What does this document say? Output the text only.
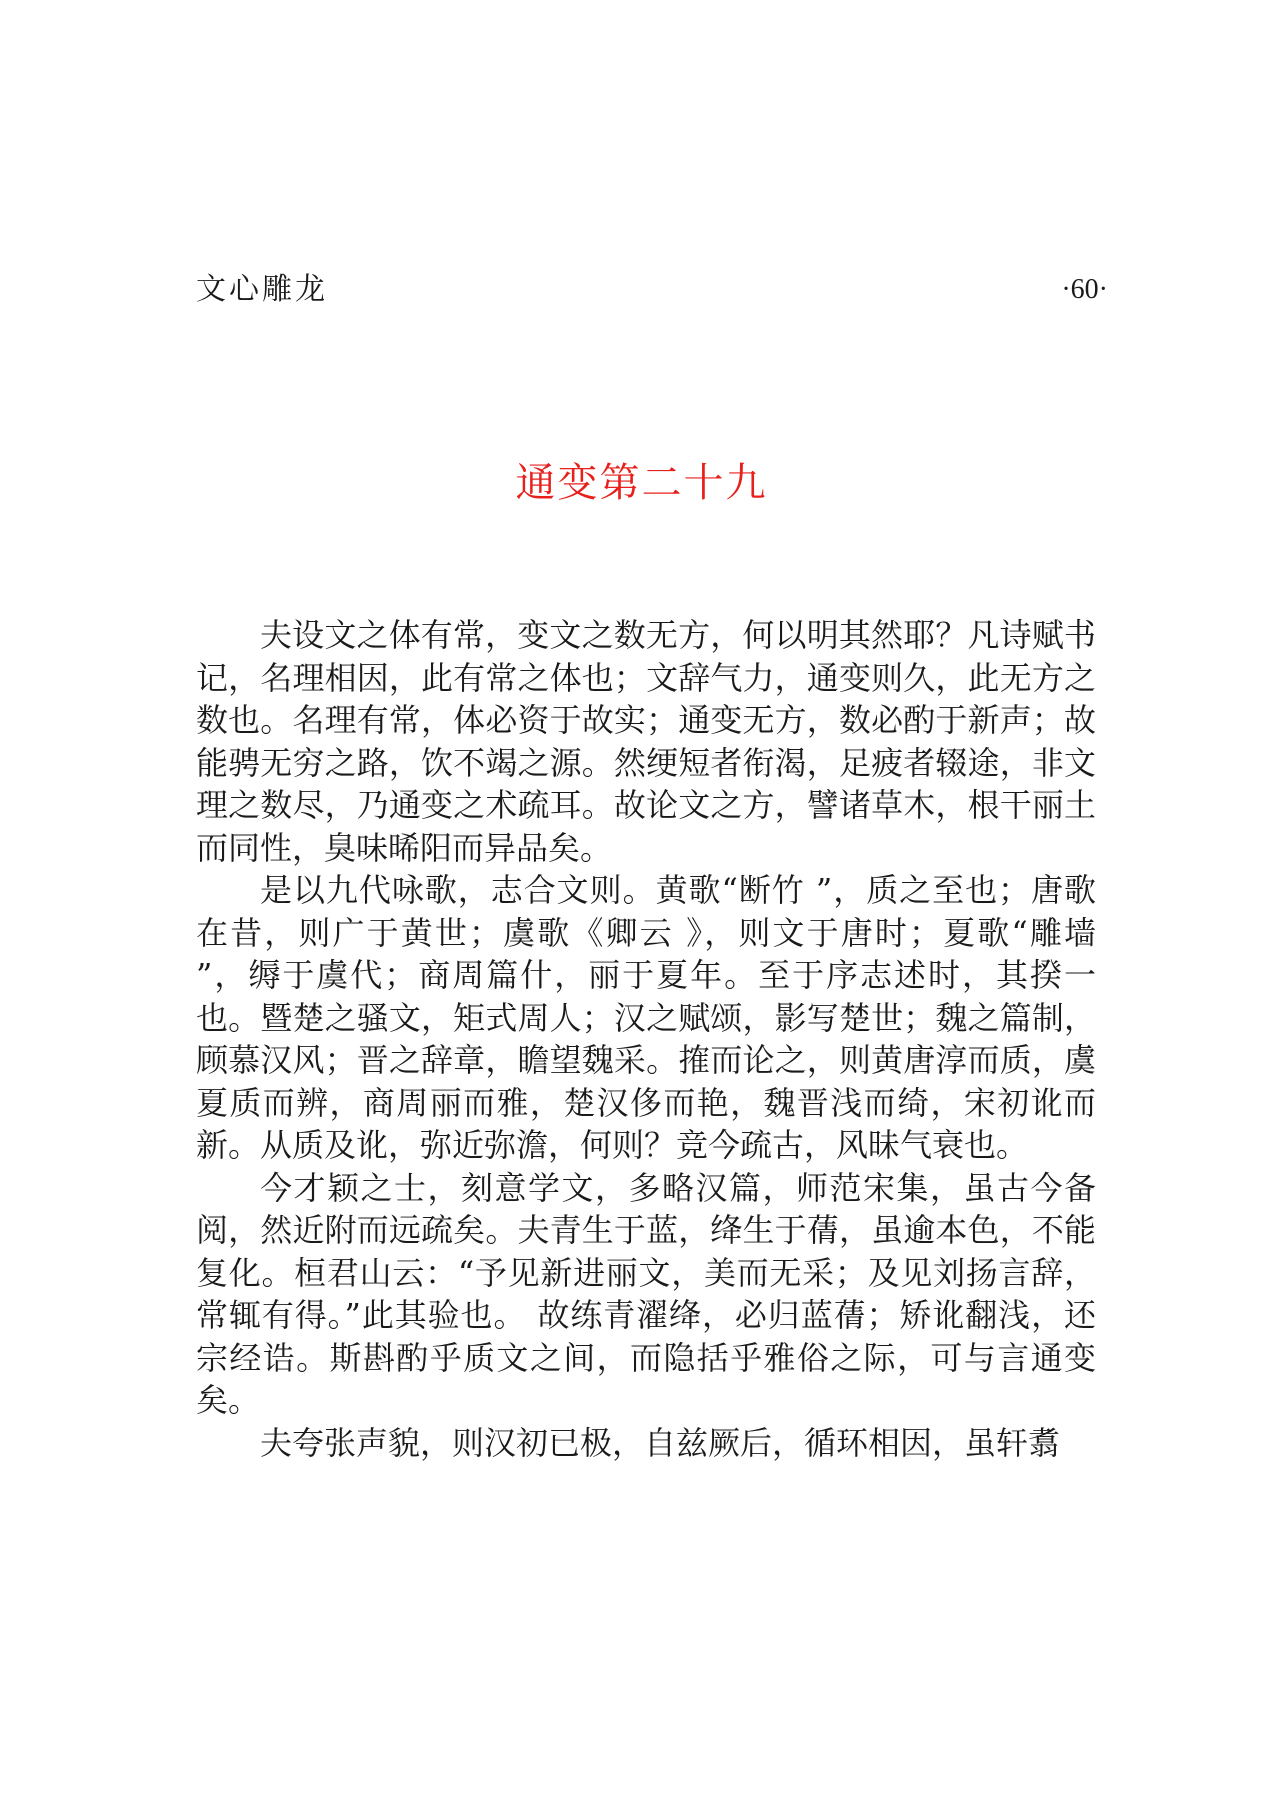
文心雕龙	·60·
通变第二十九

夫设文之体有常，变文之数无方，何以明其然耶？凡诗赋书记，名理相因，此有常之体也；文辞气力，通变则久，此无方之数也。名理有常，体必资于故实；通变无方，数必酌于新声；故能骋无穷之路，饮不竭之源。然绠短者衔渴，足疲者辍途，非文理之数尽，乃通变之术疏耳。故论文之方，譬诸草木，根干丽土而同性，臭味晞阳而异品矣。

是以九代咏歌，志合文则。黄歌“断竹 ”，质之至也；唐歌在昔，则广于黄世；虞歌《卿云 》，则文于唐时；夏歌“雕墙 ”，缛于虞代；商周篇什，丽于夏年。至于序志述时，其揆一也。暨楚之骚文，矩式周人；汉之赋颂，影写楚世；魏之篇制，顾慕汉风；晋之辞章，瞻望魏采。搉而论之，则黄唐淳而质，虞夏质而辨，商周丽而雅，楚汉侈而艳，魏晋浅而绮，宋初讹而新。从质及讹，弥近弥澹，何则？竞今疏古，风昧气衰也。

今才颖之士，刻意学文，多略汉篇，师范宋集，虽古今备阅，然近附而远疏矣。夫青生于蓝，绛生于蒨，虽逾本色，不能复化。桓君山云：“予见新进丽文，美而无采；及见刘扬言辞，常辄有得。”此其验也。 故练青濯绛，必归蓝蒨；矫讹翻浅，还宗经诰。斯斟酌乎质文之间，而隐括乎雅俗之际，可与言通变矣。

夫夸张声貌，则汉初已极，自兹厥后，循环相因，虽轩翥
